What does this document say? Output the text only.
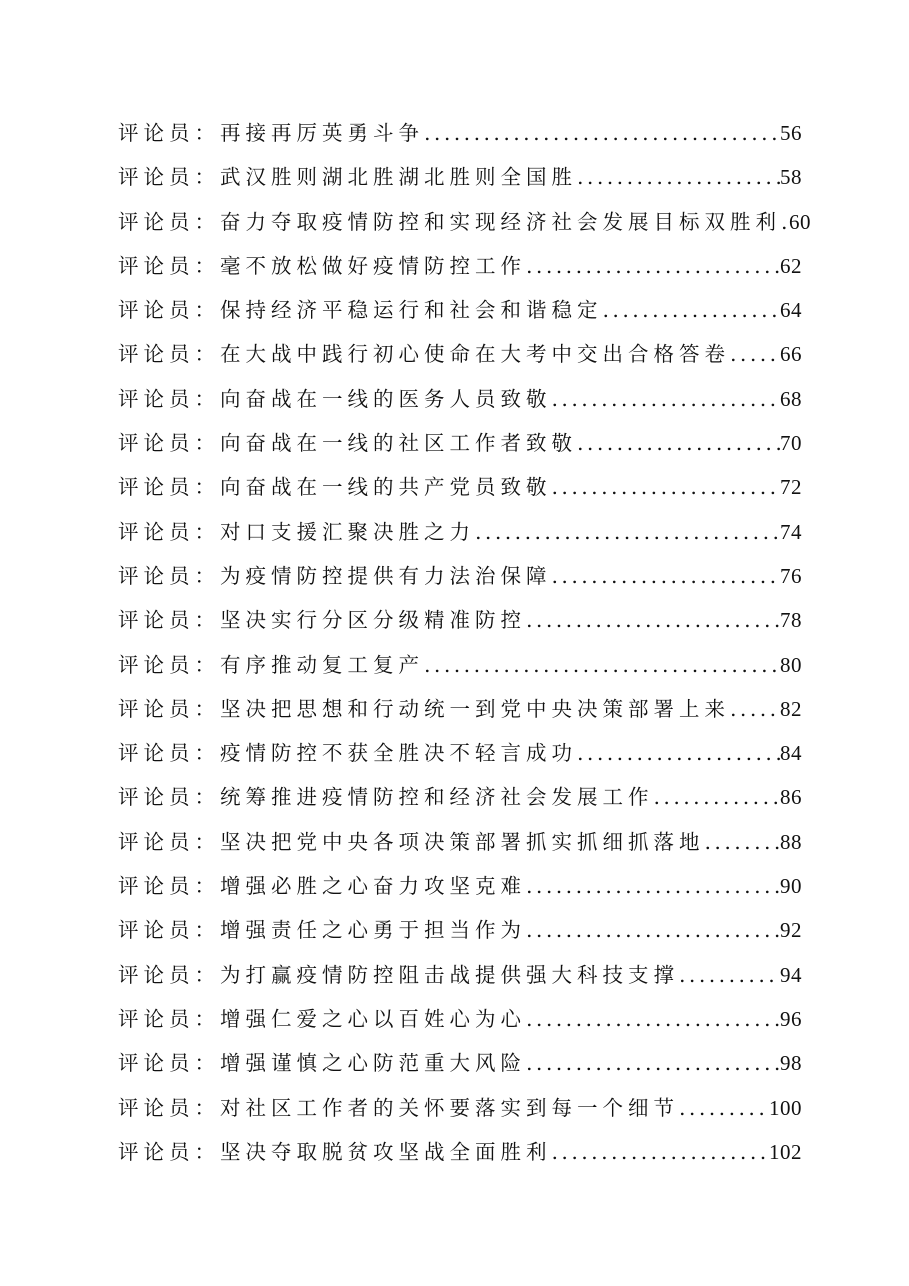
评论员： 再接再厉英勇斗争 .....	56
评论员： 武汉胜则湖北胜湖北胜则全国胜 .....	58
评论员： 奋力夺取疫情防控和实现经济社会发展目标双胜利 ..... 60
评论员： 毫不放松做好疫情防控工作 .....	62
评论员： 保持经济平稳运行和社会和谐稳定 .....	64
评论员： 在大战中践行初心使命在大考中交出合格答卷 ..... 66
评论员： 向奋战在一线的医务人员致敬 .....	68
评论员： 向奋战在一线的社区工作者致敬 .....	70
评论员： 向奋战在一线的共产党员致敬 .....	72
评论员： 对口支援汇聚决胜之力 .....	74
评论员： 为疫情防控提供有力法治保障 .....	76
评论员： 坚决实行分区分级精准防控 .....	78
评论员： 有序推动复工复产 .....	80
评论员： 坚决把思想和行动统一到党中央决策部署上来 ..... 82
评论员： 疫情防控不获全胜决不轻言成功 .....	84
评论员： 统筹推进疫情防控和经济社会发展工作 .....	86
评论员： 坚决把党中央各项决策部署抓实抓细抓落地 .....	88
评论员： 增强必胜之心奋力攻坚克难 .....	90
评论员： 增强责任之心勇于担当作为 .....	92
评论员： 为打赢疫情防控阻击战提供强大科技支撑 .....	94
评论员： 增强仁爱之心以百姓心为心 .....	96
评论员： 增强谨慎之心防范重大风险 .....	98
评论员： 对社区工作者的关怀要落实到每一个细节 .....	100
评论员： 坚决夺取脱贫攻坚战全面胜利 .....	102
